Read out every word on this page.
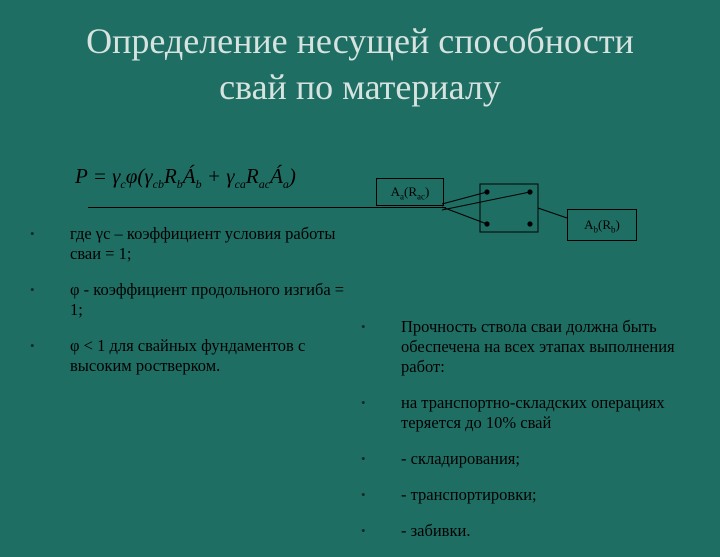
Определение несущей способности свай по материалу
$P = \gamma_c\varphi(\gamma_{cb}R_bÁ_b$ + $\gamma_{ca}R_{ac}Á_a$)
$A_a(R_{ac})$
$A_b(R_b)$
• где γс – коэффициент условия работы сваи = 1;
• φ - коэффициент продольного изгиба = 1;
• φ < 1 для свайных фундаментов с высоким ростверком.
• Прочность ствола сваи должна быть обеспечена на всех этапах выполнения работ:
• на транспортно-складских операциях теряется до 10% свай
• - складирования;
• - транспортировки;
• - забивки.
